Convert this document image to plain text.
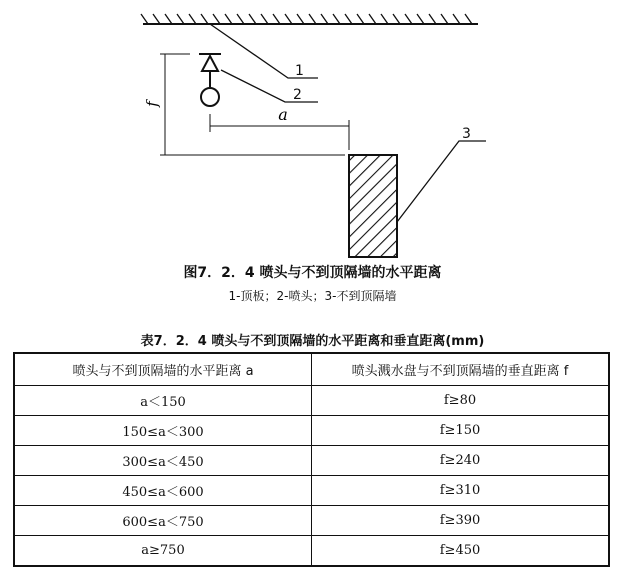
f
a
1
2
3
图7．2．4 喷头与不到顶隔墙的水平距离
1-顶板；2-喷头；3-不到顶隔墙
表7．2．4 喷头与不到顶隔墙的水平距离和垂直距离(mm)
喷头与不到顶隔墙的水平距离 a	喷头溅水盘与不到顶隔墙的垂直距离 f
a＜150	f≥80
150≤a＜300	f≥150
300≤a＜450	f≥240
450≤a＜600	f≥310
600≤a＜750	f≥390
a≥750	f≥450
